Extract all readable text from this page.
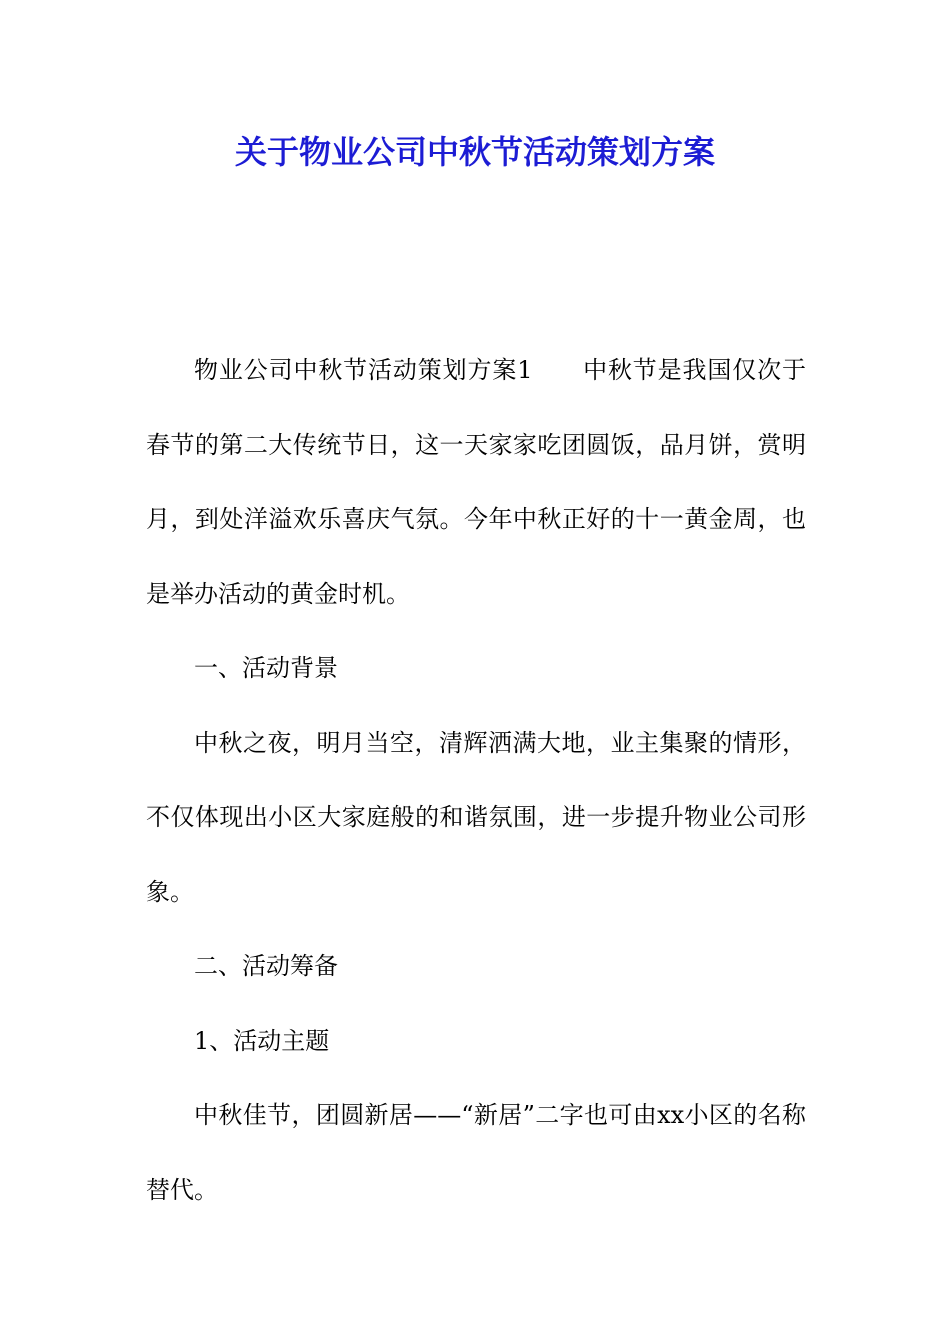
关于物业公司中秋节活动策划方案

物业公司中秋节活动策划方案1　　中秋节是我国仅次于春节的第二大传统节日，这一天家家吃团圆饭，品月饼，赏明月，到处洋溢欢乐喜庆气氛。今年中秋正好的十一黄金周，也是举办活动的黄金时机。

一、活动背景

中秋之夜，明月当空，清辉洒满大地，业主集聚的情形，不仅体现出小区大家庭般的和谐氛围，进一步提升物业公司形象。

二、活动筹备

1、活动主题

中秋佳节，团圆新居——“新居”二字也可由xx小区的名称替代。
